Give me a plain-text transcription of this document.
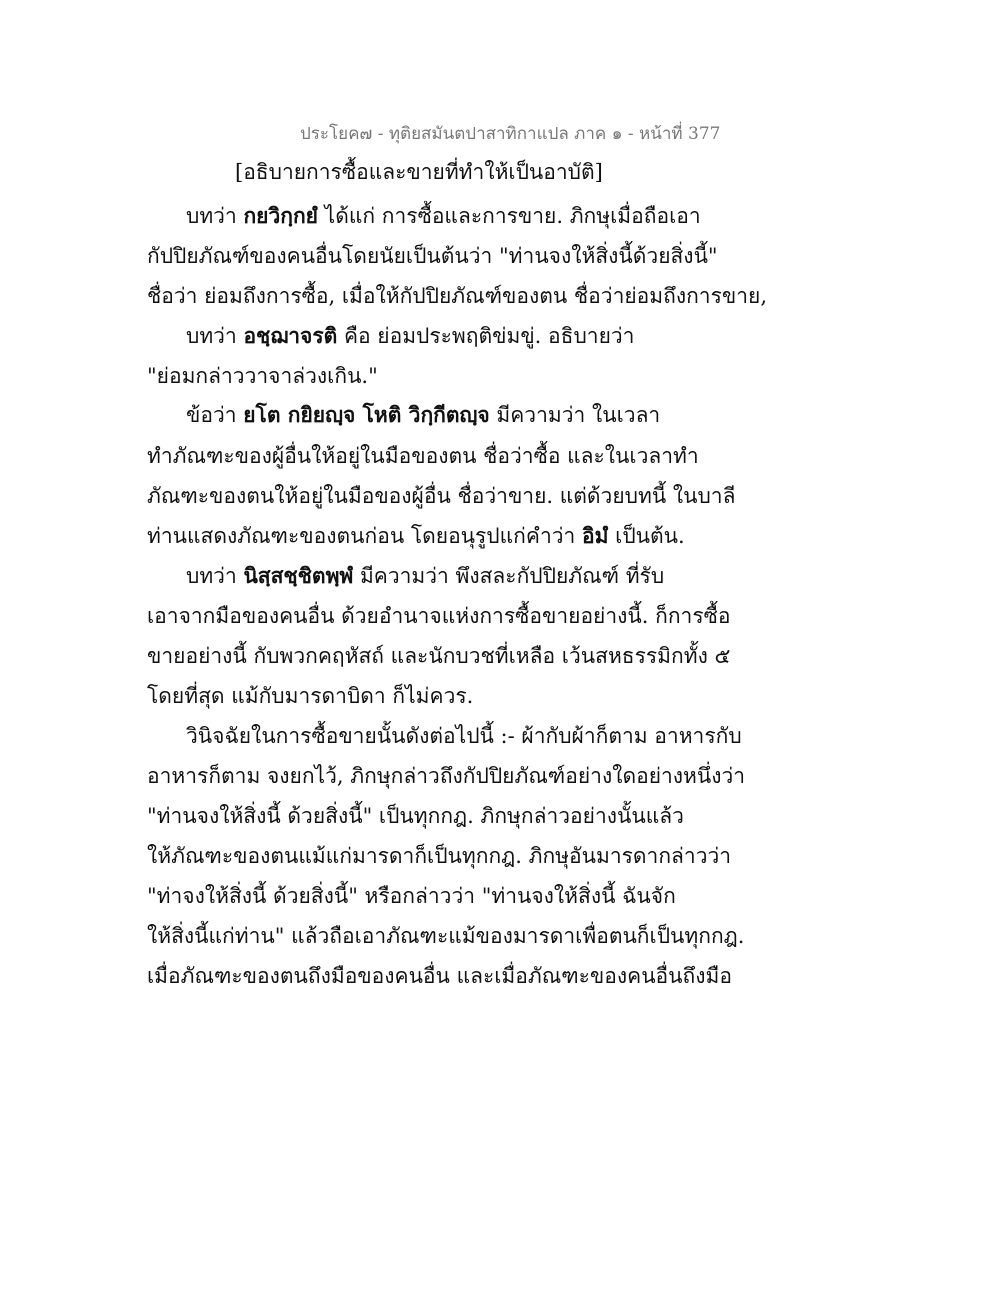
ประโยค๗ - ทุติยสมันตปาสาทิกาแปล ภาค ๑ - หน้าที่ 377
[อธิบายการซื้อและขายที่ทำให้เป็นอาบัติ]
บทว่า กยวิกฺกยํ ได้แก่ การซื้อและการขาย. ภิกษุเมื่อถือเอา
กัปปิยภัณฑ์ของคนอื่นโดยนัยเป็นต้นว่า "ท่านจงให้สิ่งนี้ด้วยสิ่งนี้"
ชื่อว่า ย่อมถึงการซื้อ, เมื่อให้กัปปิยภัณฑ์ของตน ชื่อว่าย่อมถึงการขาย,
บทว่า อชฺฌาจรติ คือ ย่อมประพฤติข่มขู่. อธิบายว่า
"ย่อมกล่าววาจาล่วงเกิน."
ข้อว่า ยโต กยิยญฺจ โหติ วิกฺกีตญฺจ มีความว่า ในเวลา
ทำภัณฑะของผู้อื่นให้อยู่ในมือของตน ชื่อว่าซื้อ และในเวลาทำ
ภัณฑะของตนให้อยู่ในมือของผู้อื่น ชื่อว่าขาย. แต่ด้วยบทนี้ ในบาลี
ท่านแสดงภัณฑะของตนก่อน โดยอนุรูปแก่คำว่า อิมํ เป็นต้น.
บทว่า นิสฺสชฺชิตพฺพํ มีความว่า พึงสละกัปปิยภัณฑ์ ที่รับ
เอาจากมือของคนอื่น ด้วยอำนาจแห่งการซื้อขายอย่างนี้. ก็การซื้อ
ขายอย่างนี้ กับพวกคฤหัสถ์ และนักบวชที่เหลือ เว้นสหธรรมิกทั้ง ๕
โดยที่สุด แม้กับมารดาบิดา ก็ไม่ควร.
วินิจฉัยในการซื้อขายนั้นดังต่อไปนี้ :- ผ้ากับผ้าก็ตาม อาหารกับ
อาหารก็ตาม จงยกไว้, ภิกษุกล่าวถึงกัปปิยภัณฑ์อย่างใดอย่างหนึ่งว่า
"ท่านจงให้สิ่งนี้ ด้วยสิ่งนี้" เป็นทุกกฎ. ภิกษุกล่าวอย่างนั้นแล้ว
ให้ภัณฑะของตนแม้แก่มารดาก็เป็นทุกกฎ. ภิกษุอันมารดากล่าวว่า
"ท่าจงให้สิ่งนี้ ด้วยสิ่งนี้" หรือกล่าวว่า "ท่านจงให้สิ่งนี้ ฉันจัก
ให้สิ่งนี้แก่ท่าน" แล้วถือเอาภัณฑะแม้ของมารดาเพื่อตนก็เป็นทุกกฎ.
เมื่อภัณฑะของตนถึงมือของคนอื่น และเมื่อภัณฑะของคนอื่นถึงมือ
